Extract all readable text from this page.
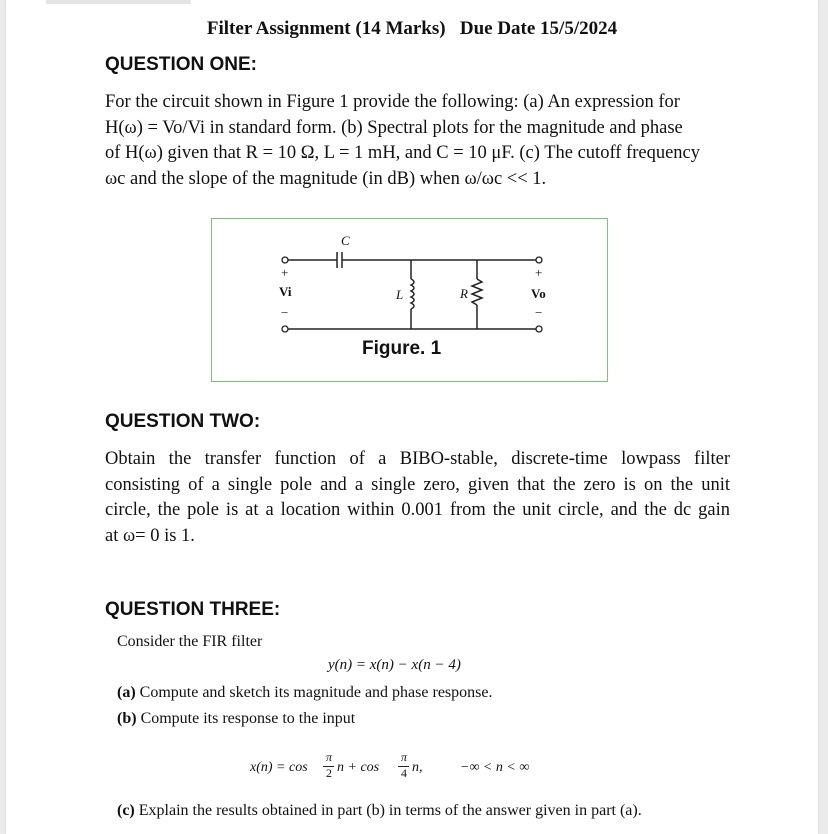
Filter Assignment (14 Marks)   Due Date 15/5/2024
QUESTION ONE:
For the circuit shown in Figure 1 provide the following: (a) An expression for
H(ω) = Vo/Vi in standard form. (b) Spectral plots for the magnitude and phase
of H(ω) given that R = 10 Ω, L = 1 mH, and C = 10 μF. (c) The cutoff frequency
ωc and the slope of the magnitude (in dB) when ω/ωc << 1.
C
L	R
+
Vi
−
+
Vo
−
Figure. 1
QUESTION TWO:
Obtain the transfer function of a BIBO-stable, discrete-time lowpass filter
consisting of a single pole and a single zero, given that the zero is on the unit
circle, the pole is at a location within 0.001 from the unit circle, and the dc gain
at ω= 0 is 1.
QUESTION THREE:
Consider the FIR filter
y(n) = x(n) − x(n − 4)
(a) Compute and sketch its magnitude and phase response.
(b) Compute its response to the input
x(n) = cos
π
2 n + cos
π
4 n,	−∞ < n < ∞
(c) Explain the results obtained in part (b) in terms of the answer given in part (a).
